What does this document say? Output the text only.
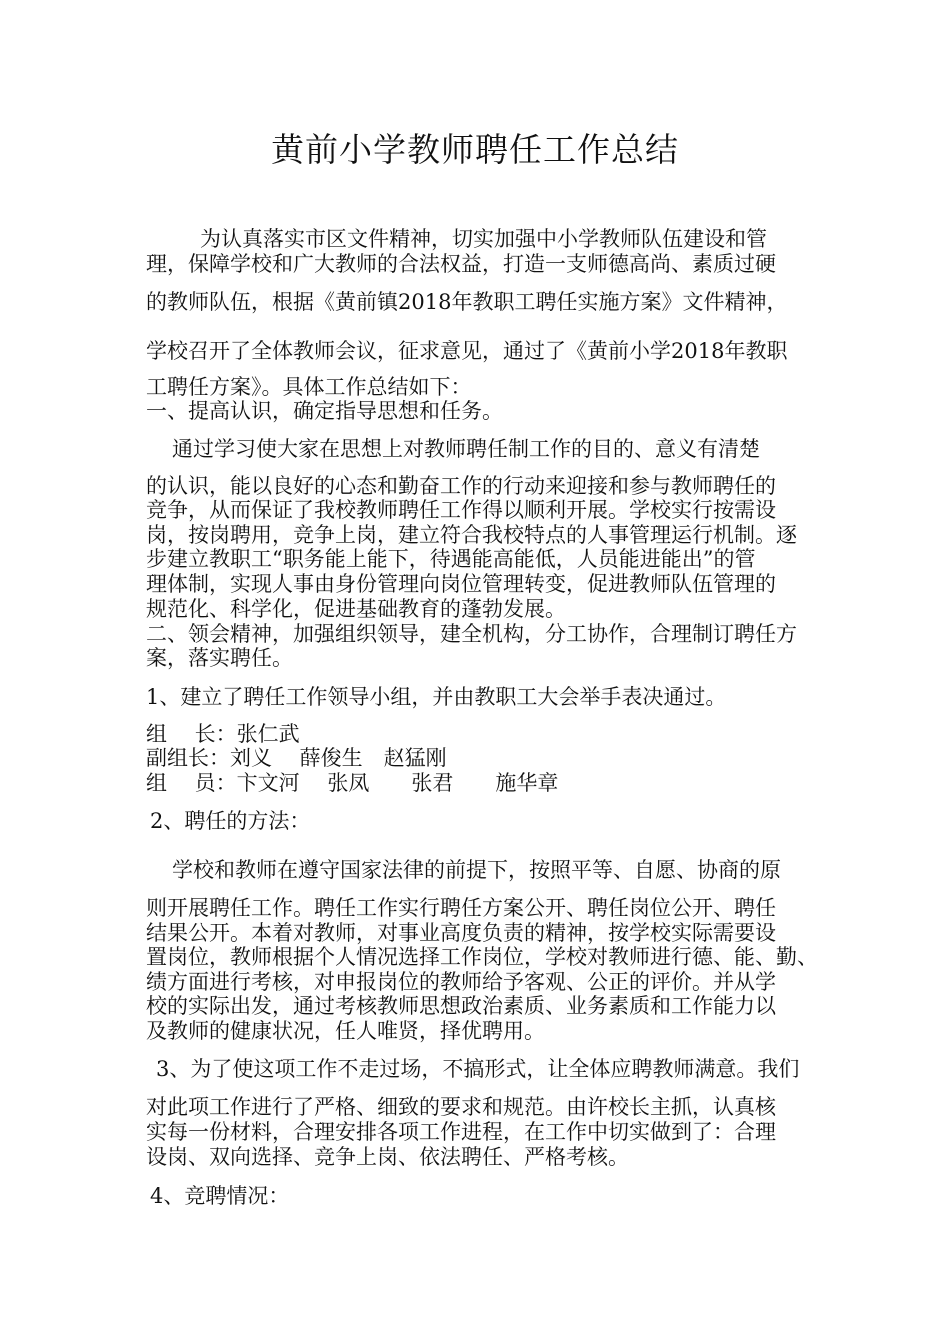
黄前小学教师聘任工作总结
为认真落实市区文件精神，切实加强中小学教师队伍建设和管
理，保障学校和广大教师的合法权益，打造一支师德高尚、素质过硬
的教师队伍，根据《黄前镇2018年教职工聘任实施方案》文件精神，
学校召开了全体教师会议，征求意见，通过了《黄前小学2018年教职
工聘任方案》。具体工作总结如下：
一、提高认识，确定指导思想和任务。
通过学习使大家在思想上对教师聘任制工作的目的、意义有清楚
的认识，能以良好的心态和勤奋工作的行动来迎接和参与教师聘任的
竞争，从而保证了我校教师聘任工作得以顺利开展。学校实行按需设
岗，按岗聘用，竞争上岗，建立符合我校特点的人事管理运行机制。逐
步建立教职工“职务能上能下，待遇能高能低，人员能进能出”的管
理体制，实现人事由身份管理向岗位管理转变，促进教师队伍管理的
规范化、科学化，促进基础教育的蓬勃发展。
二、领会精神，加强组织领导，建全机构，分工协作，合理制订聘任方
案，落实聘任。
1、建立了聘任工作领导小组，并由教职工大会举手表决通过。
组　 长：张仁武
副组长：刘义　 薛俊生　赵猛刚
组　 员：卞文河　 张凤　　张君　　施华章
2、聘任的方法：
学校和教师在遵守国家法律的前提下，按照平等、自愿、协商的原
则开展聘任工作。聘任工作实行聘任方案公开、聘任岗位公开、聘任
结果公开。本着对教师，对事业高度负责的精神，按学校实际需要设
置岗位，教师根据个人情况选择工作岗位，学校对教师进行德、能、勤、
绩方面进行考核，对申报岗位的教师给予客观、公正的评价。并从学
校的实际出发，通过考核教师思想政治素质、业务素质和工作能力以
及教师的健康状况，任人唯贤，择优聘用。
3、为了使这项工作不走过场，不搞形式，让全体应聘教师满意。我们
对此项工作进行了严格、细致的要求和规范。由许校长主抓，认真核
实每一份材料，合理安排各项工作进程，在工作中切实做到了：合理
设岗、双向选择、竞争上岗、依法聘任、严格考核。
4、竞聘情况：
